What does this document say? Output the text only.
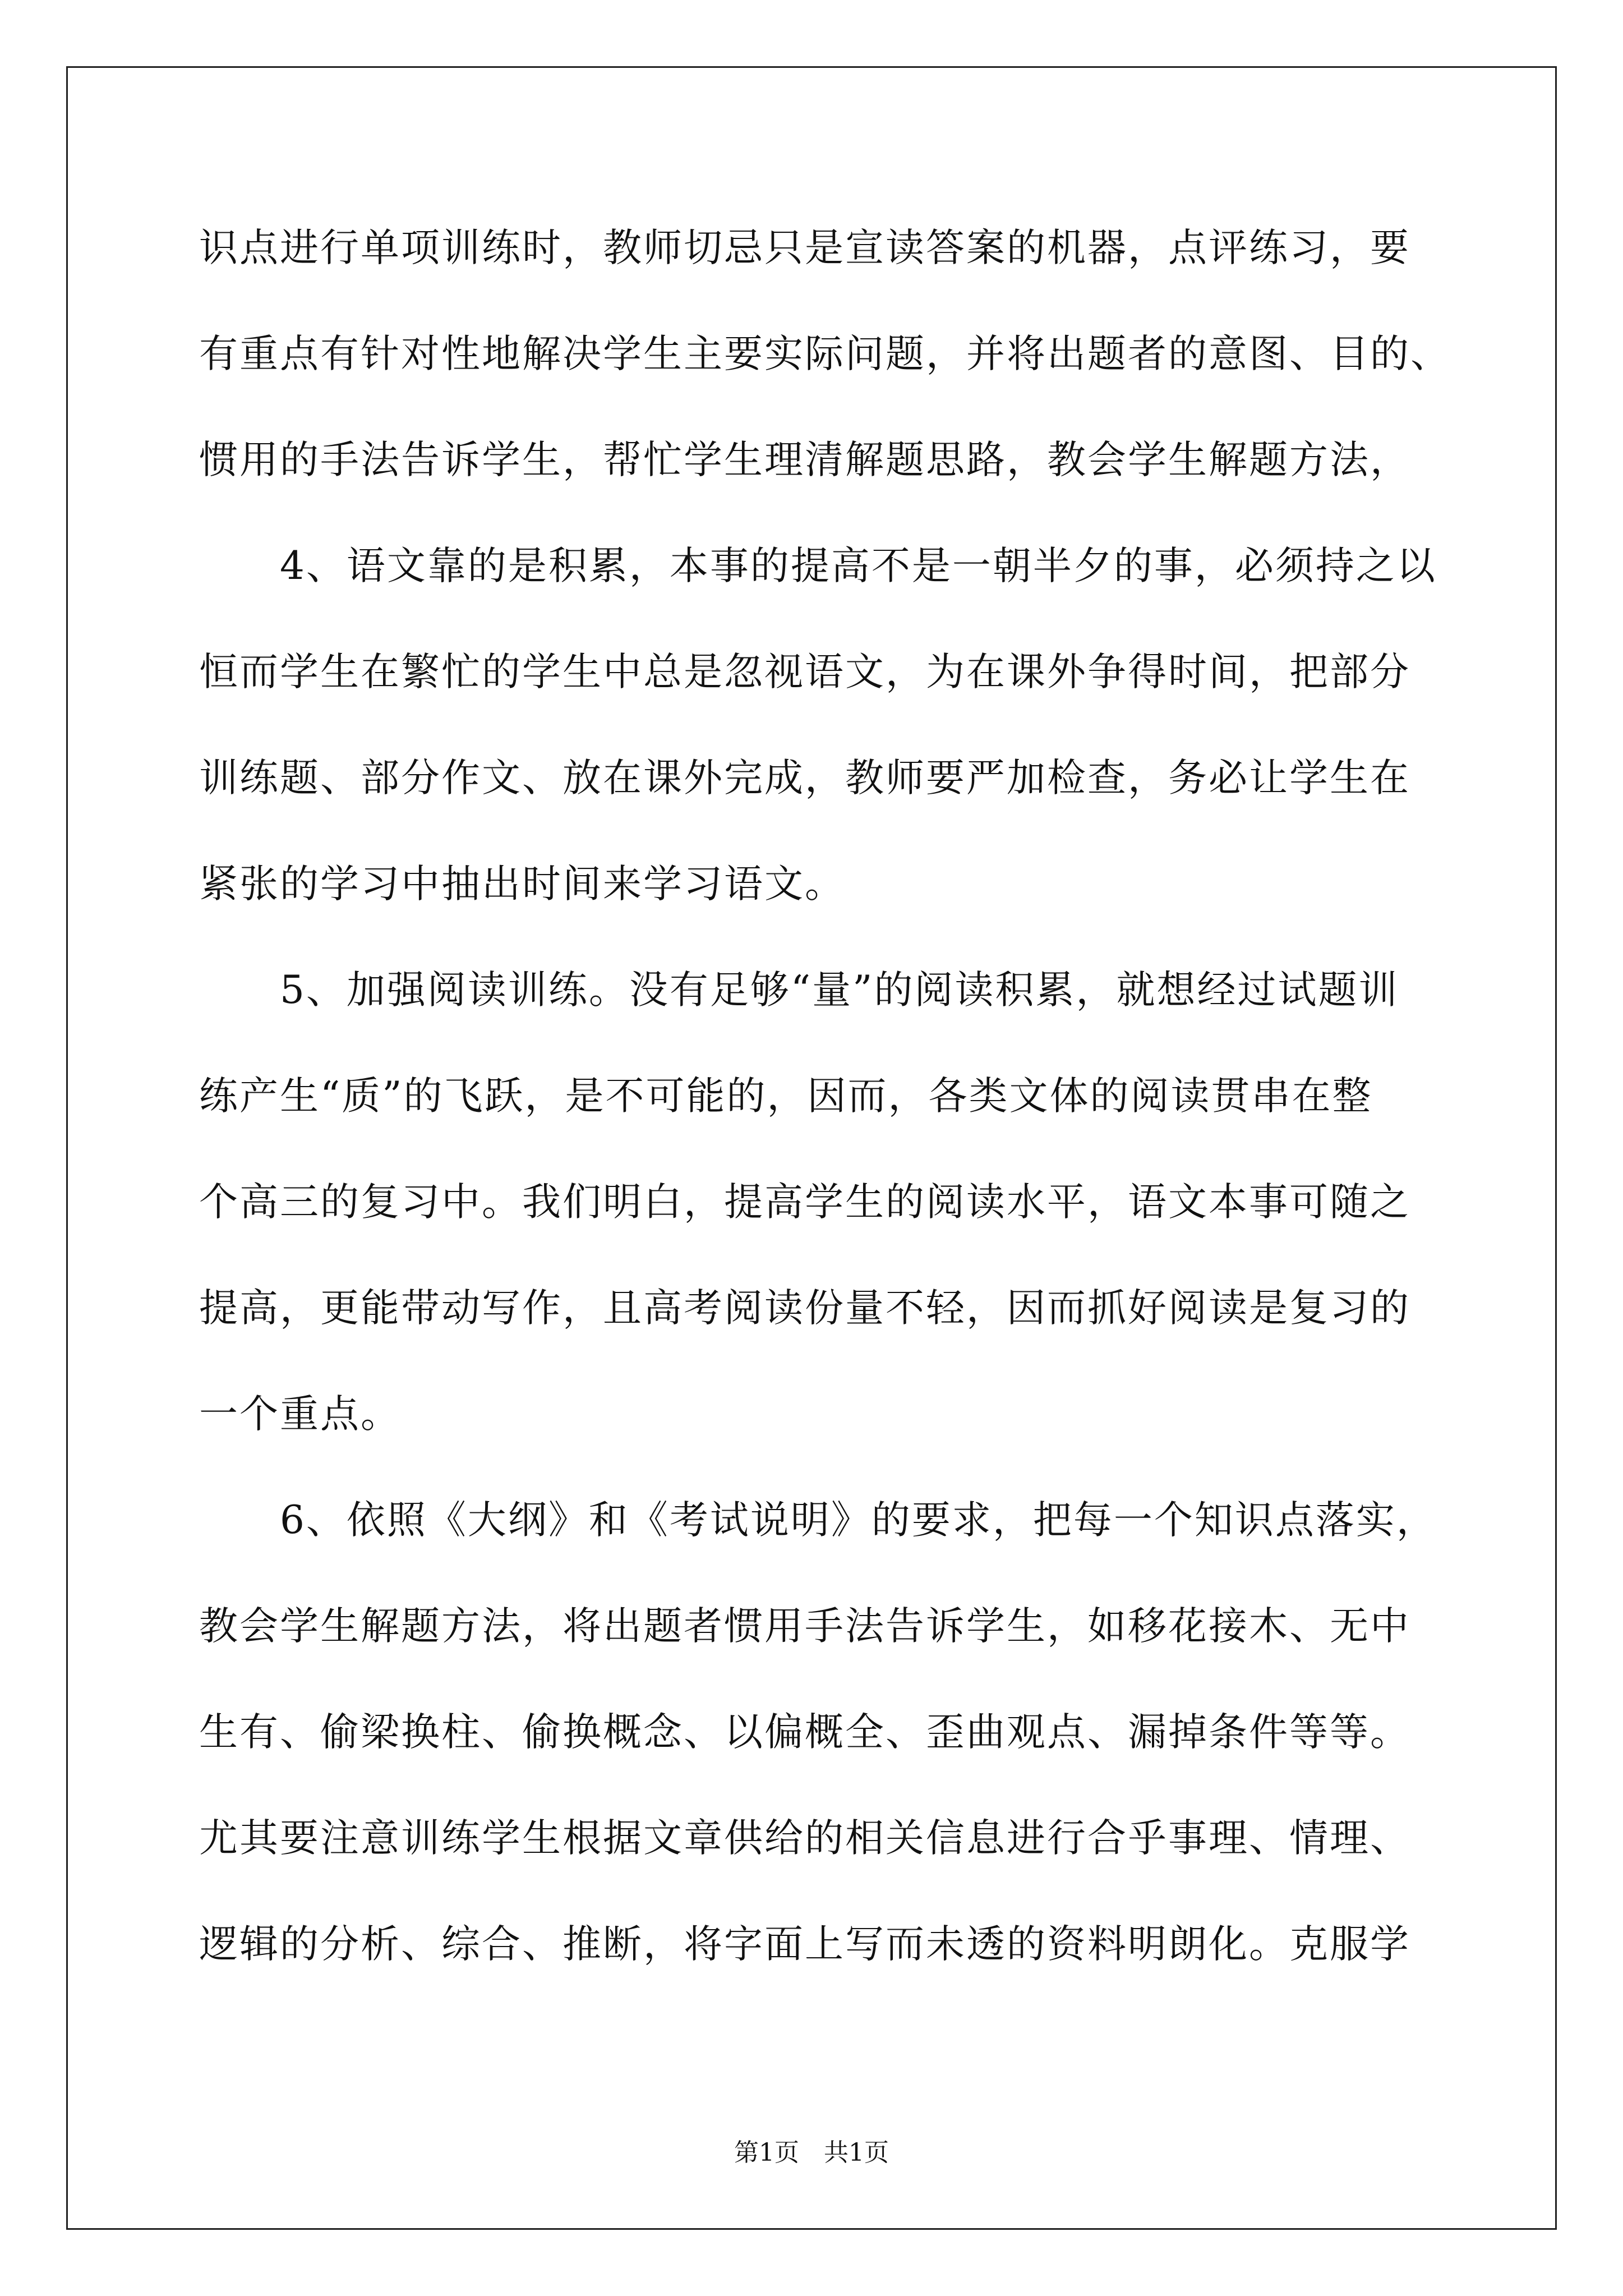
识点进行单项训练时，教师切忌只是宣读答案的机器，点评练习，要
有重点有针对性地解决学生主要实际问题，并将出题者的意图、目的、
惯用的手法告诉学生，帮忙学生理清解题思路，教会学生解题方法，
　　4、语文靠的是积累，本事的提高不是一朝半夕的事，必须持之以
恒而学生在繁忙的学生中总是忽视语文，为在课外争得时间，把部分
训练题、部分作文、放在课外完成，教师要严加检查，务必让学生在
紧张的学习中抽出时间来学习语文。
　　5、加强阅读训练。没有足够“量”的阅读积累，就想经过试题训
练产生“质”的飞跃，是不可能的，因而，各类文体的阅读贯串在整
个高三的复习中。我们明白，提高学生的阅读水平，语文本事可随之
提高，更能带动写作，且高考阅读份量不轻，因而抓好阅读是复习的
一个重点。
　　6、依照《大纲》和《考试说明》的要求，把每一个知识点落实，
教会学生解题方法，将出题者惯用手法告诉学生，如移花接木、无中
生有、偷梁换柱、偷换概念、以偏概全、歪曲观点、漏掉条件等等。
尤其要注意训练学生根据文章供给的相关信息进行合乎事理、情理、
逻辑的分析、综合、推断，将字面上写而未透的资料明朗化。克服学
第1页　共1页
